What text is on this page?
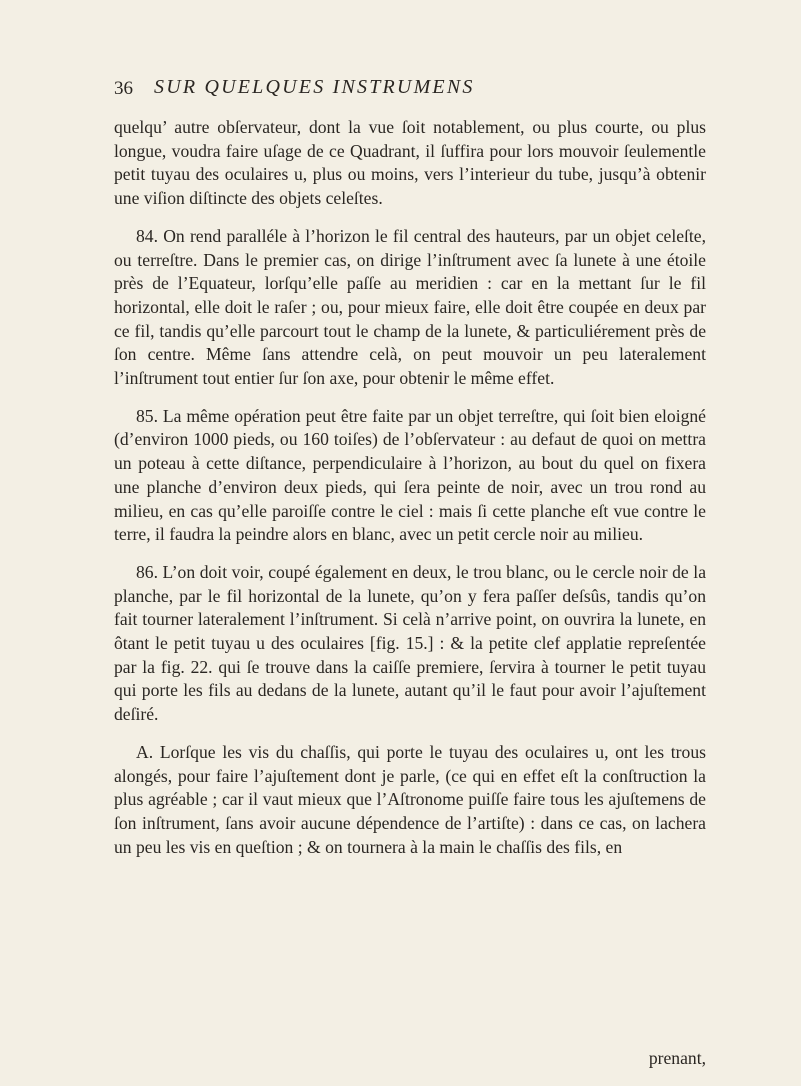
36 SUR QUELQUES INSTRUMENS

quelqu’ autre obſervateur, dont la vue ſoit notablement, ou plus courte, ou plus longue, voudra faire uſage de ce Quadrant, il ſuffira pour lors mouvoir ſeulementle petit tuyau des oculaires u, plus ou moins, vers l’interieur du tube, jusqu’à obtenir une viſion diſtincte des objets celeſtes.

84. On rend paralléle à l’horizon le fil central des hauteurs, par un objet celeſte, ou terreſtre. Dans le premier cas, on dirige l’inſtrument avec ſa lunete à une étoile près de l’Equateur, lorſqu’elle paſſe au meridien : car en la mettant ſur le fil horizontal, elle doit le raſer ; ou, pour mieux faire, elle doit être coupée en deux par ce fil, tandis qu’elle parcourt tout le champ de la lunete, & particuliérement près de ſon centre. Même ſans attendre celà, on peut mouvoir un peu lateralement l’inſtrument tout entier ſur ſon axe, pour obtenir le même effet.

85. La même opération peut être faite par un objet terreſtre, qui ſoit bien eloigné (d’environ 1000 pieds, ou 160 toiſes) de l’obſervateur : au defaut de quoi on mettra un poteau à cette diſtance, perpendiculaire à l’horizon, au bout du quel on fixera une planche d’environ deux pieds, qui ſera peinte de noir, avec un trou rond au milieu, en cas qu’elle paroiſſe contre le ciel : mais ſi cette planche eſt vue contre le terre, il faudra la peindre alors en blanc, avec un petit cercle noir au milieu.

86. L’on doit voir, coupé également en deux, le trou blanc, ou le cercle noir de la planche, par le fil horizontal de la lunete, qu’on y fera paſſer deſsûs, tandis qu’on fait tourner lateralement l’inſtrument. Si celà n’arrive point, on ouvrira la lunete, en ôtant le petit tuyau u des oculaires [fig. 15.] : & la petite clef applatie repreſentée par la fig. 22. qui ſe trouve dans la caiſſe premiere, ſervira à tourner le petit tuyau qui porte les fils au dedans de la lunete, autant qu’il le faut pour avoir l’ajuſtement deſiré.

A. Lorſque les vis du chaſſis, qui porte le tuyau des oculaires u, ont les trous alongés, pour faire l’ajuſtement dont je parle, (ce qui en effet eſt la conſtruction la plus agréable ; car il vaut mieux que l’Aſtronome puiſſe faire tous les ajuſtemens de ſon inſtrument, ſans avoir aucune dépendence de l’artiſte) : dans ce cas, on lachera un peu les vis en queſtion ; & on tournera à la main le chaſſis des fils, en

prenant,
